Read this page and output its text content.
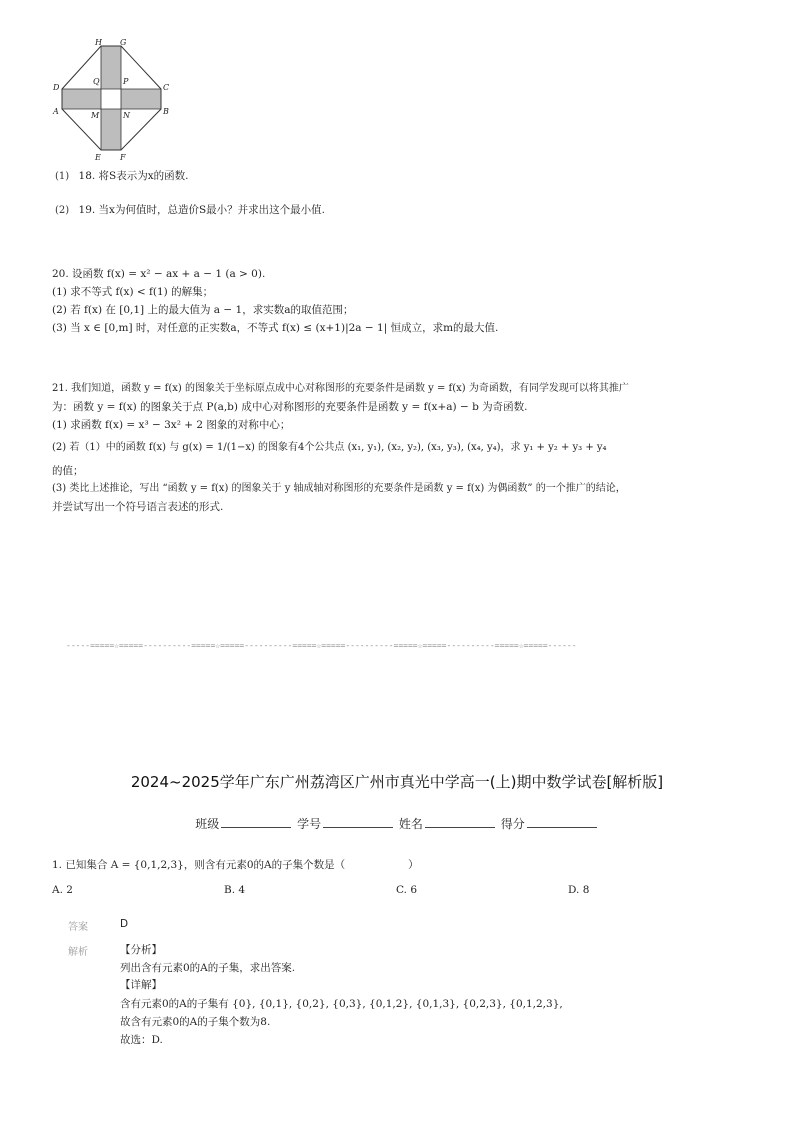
H G
D	C
A	B
Q	P
M	N
E F
(1) 18. 将S表示为x的函数.
(2) 19. 当x为何值时，总造价S最小？并求出这个最小值.
20. 设函数 f(x) = x² − ax + a − 1 (a > 0).
(1) 求不等式 f(x) < f(1) 的解集；
(2) 若 f(x) 在 [0,1] 上的最大值为 a − 1，求实数a的取值范围；
(3) 当 x ∈ [0,m] 时，对任意的正实数a，不等式 f(x) ≤ (x+1)|2a − 1| 恒成立，求m的最大值.
21. 我们知道，函数 y = f(x) 的图象关于坐标原点成中心对称图形的充要条件是函数 y = f(x) 为奇函数，有同学发现可以将其推广
为：函数 y = f(x) 的图象关于点 P(a,b) 成中心对称图形的充要条件是函数 y = f(x+a) − b 为奇函数.
(1) 求函数 f(x) = x³ − 3x² + 2 图象的对称中心；
(2) 若（1）中的函数 f(x) 与 g(x) = 1/(1−x) 的图象有4个公共点 (x₁, y₁), (x₂, y₂), (x₃, y₃), (x₄, y₄)，求 y₁ + y₂ + y₃ + y₄
的值；
(3) 类比上述推论，写出 “函数 y = f(x) 的图象关于 y 轴成轴对称图形的充要条件是函数 y = f(x) 为偶函数” 的一个推广的结论，
并尝试写出一个符号语言表述的形式.
-----=====☆=====----------=====☆=====----------=====☆=====----------=====☆=====----------=====☆=====------
2024~2025学年广东广州荔湾区广州市真光中学高一(上)期中数学试卷[解析版]
班级	学号	姓名	得分
1. 已知集合 A = {0,1,2,3}，则含有元素0的A的子集个数是（　　　　　　）
A. 2	B. 4	C. 6	D. 8
答案	D
解析	【分析】
列出含有元素0的A的子集，求出答案.
【详解】
含有元素0的A的子集有 {0}, {0,1}, {0,2}, {0,3}, {0,1,2}, {0,1,3}, {0,2,3}, {0,1,2,3},
故含有元素0的A的子集个数为8.
故选：D.
